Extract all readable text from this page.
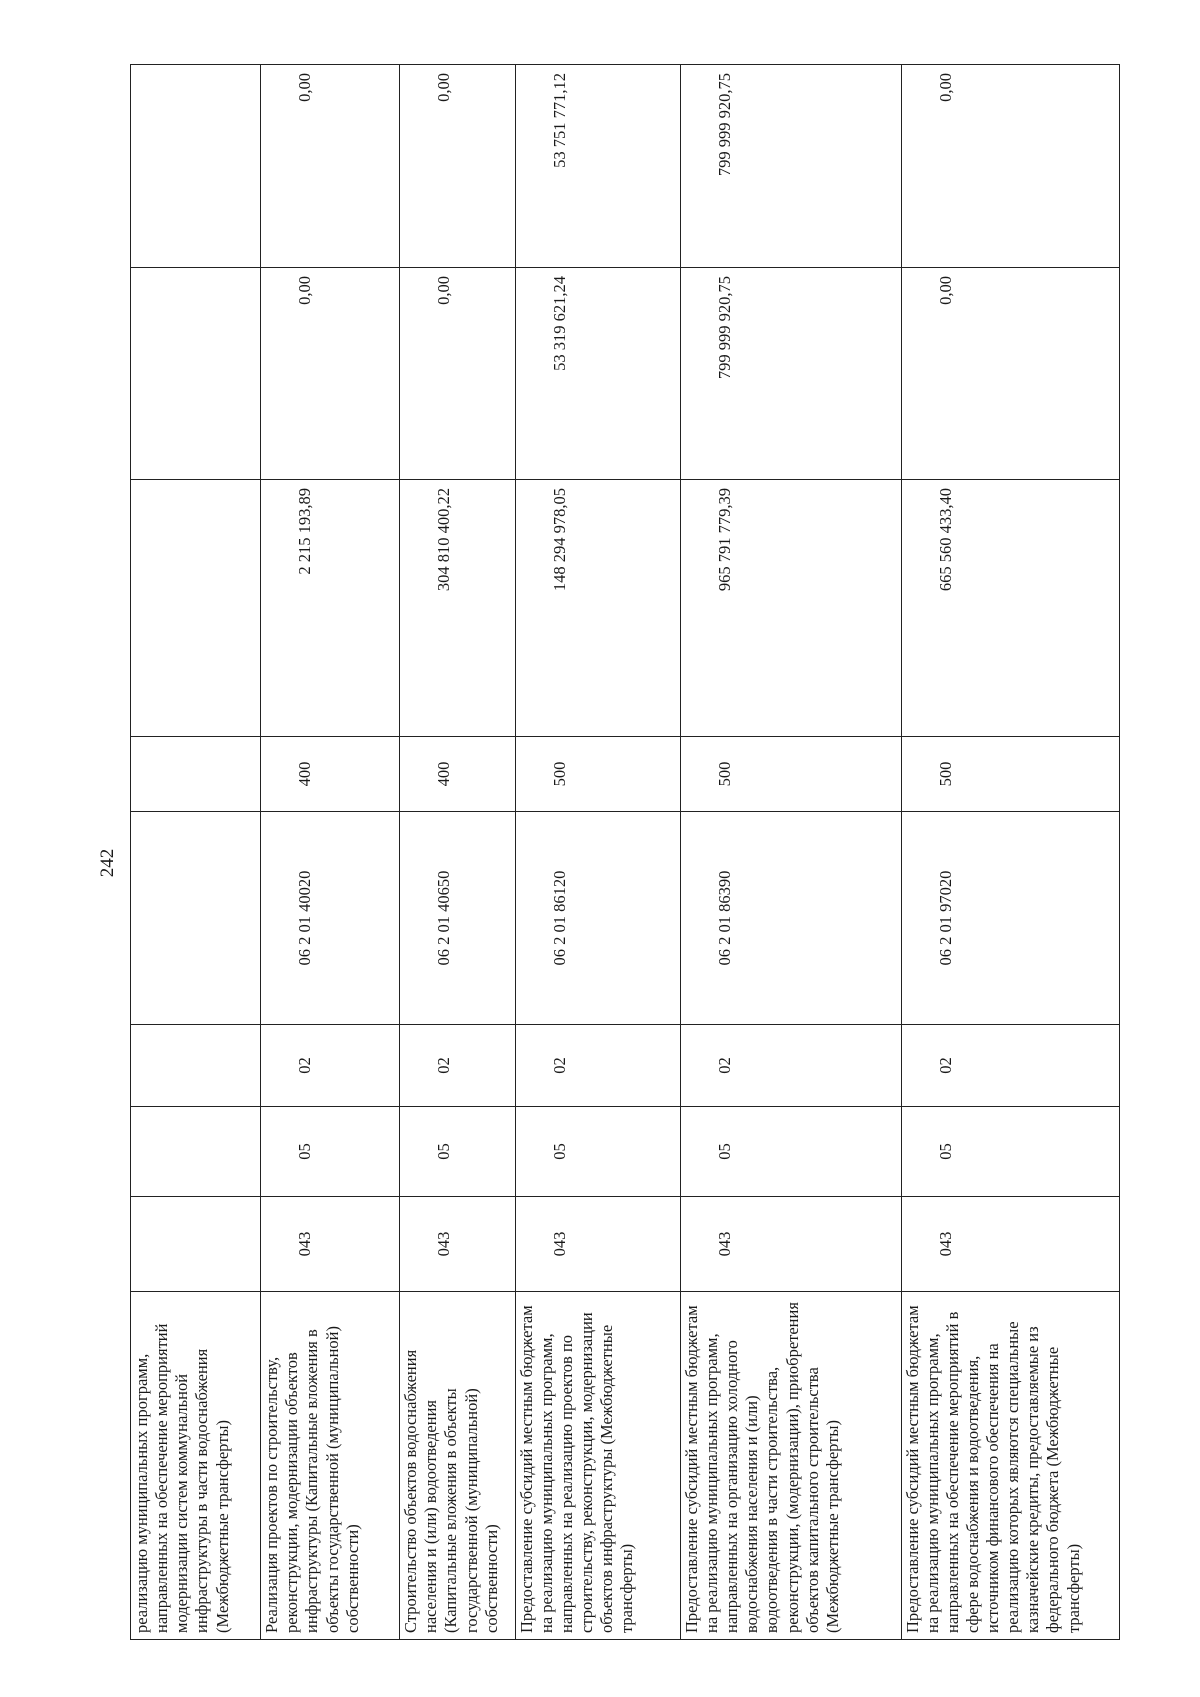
242
реализацию муниципальных программ, направленных на обеспечение мероприятий модернизации систем коммунальной инфраструктуры в части водоснабжения (Межбюджетные трансферты)								
Реализация проектов по строительству, реконструкции, модернизации объектов инфраструктуры (Капитальные вложения в объекты государственной (муниципальной) собственности)	043	05	02	06 2 01 40020	400	2 215 193,89	0,00	0,00
Строительство объектов водоснабжения населения и (или) водоотведения (Капитальные вложения в объекты государственной (муниципальной) собственности)	043	05	02	06 2 01 40650	400	304 810 400,22	0,00	0,00
Предоставление субсидий местным бюджетам на реализацию муниципальных программ, направленных на реализацию проектов по строительству, реконструкции, модернизации объектов инфраструктуры (Межбюджетные трансферты)	043	05	02	06 2 01 86120	500	148 294 978,05	53 319 621,24	53 751 771,12
Предоставление субсидий местным бюджетам на реализацию муниципальных программ, направленных на организацию холодного водоснабжения населения и (или) водоотведения в части строительства, реконструкции, (модернизации), приобретения объектов капитального строительства (Межбюджетные трансферты)	043	05	02	06 2 01 86390	500	965 791 779,39	799 999 920,75	799 999 920,75
Предоставление субсидий местным бюджетам на реализацию муниципальных программ, направленных на обеспечение мероприятий в сфере водоснабжения и водоотведения, источником финансового обеспечения на реализацию которых являются специальные казначейские кредиты, предоставляемые из федерального бюджета (Межбюджетные трансферты)	043	05	02	06 2 01 97020	500	665 560 433,40	0,00	0,00
